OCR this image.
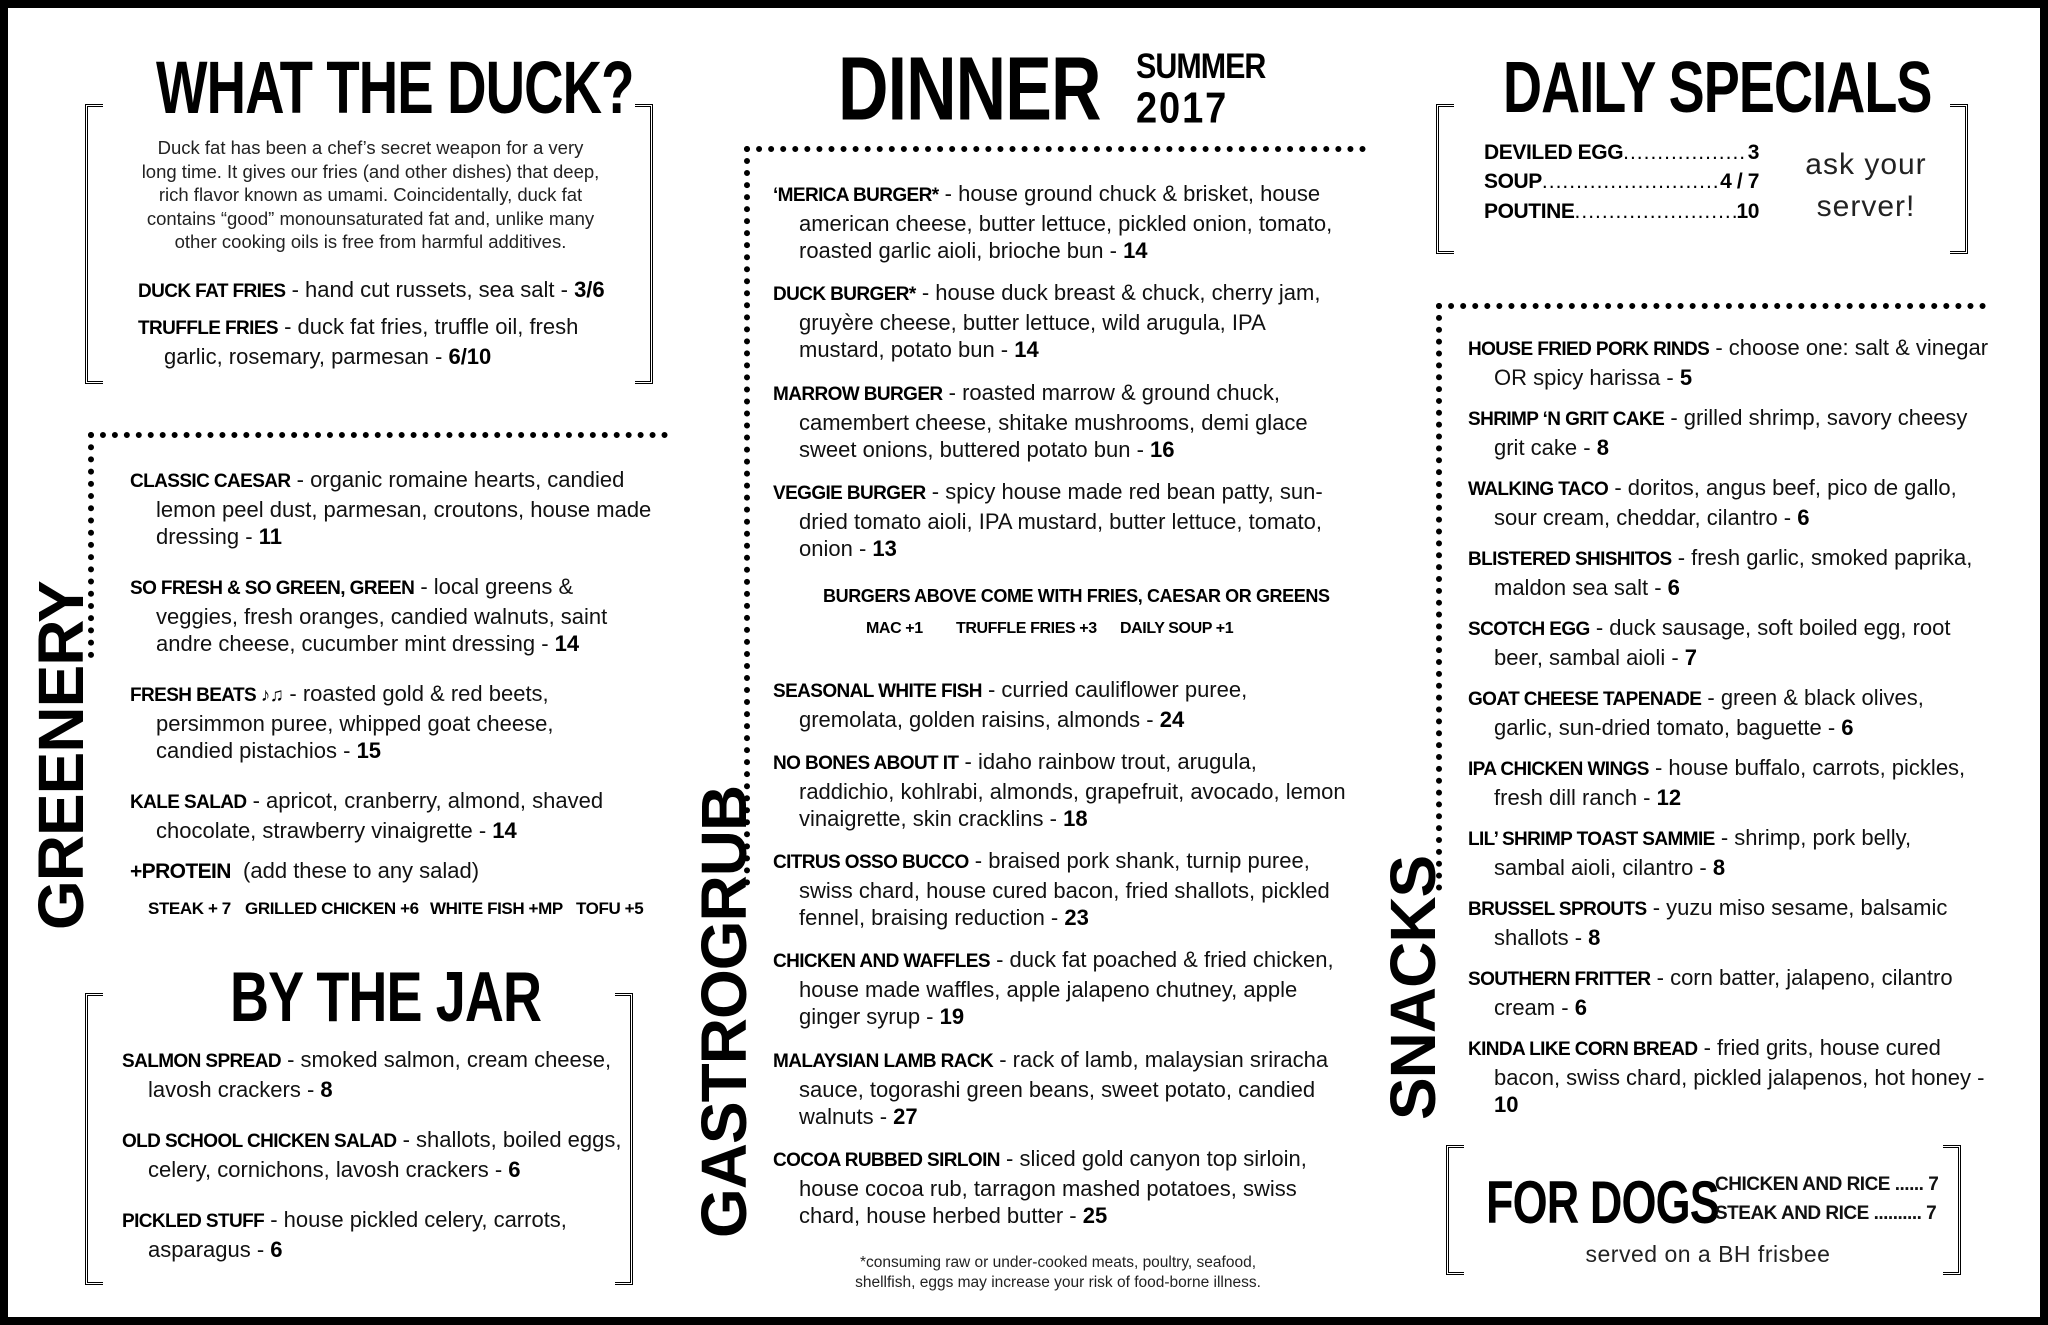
DINNER SUMMER
2017
WHAT THE DUCK?
Duck fat has been a chef’s secret weapon for a very
long time. It gives our fries (and other dishes) that deep,
rich flavor known as umami. Coincidentally, duck fat
contains “good” monounsaturated fat and, unlike many
other cooking oils is free from harmful additives.
DUCK FAT FRIES - hand cut russets, sea salt - 3/6
TRUFFLE FRIES - duck fat fries, truffle oil, fresh garlic, rosemary, parmesan - 6/10
GREENERY
CLASSIC CAESAR - organic romaine hearts, candied lemon peel dust, parmesan, croutons, house made dressing - 11
SO FRESH & SO GREEN, GREEN - local greens & veggies, fresh oranges, candied walnuts, saint andre cheese, cucumber mint dressing - 14
FRESH BEATS ♪♫ - roasted gold & red beets, persimmon puree, whipped goat cheese, candied pistachios - 15
KALE SALAD - apricot, cranberry, almond, shaved chocolate, strawberry vinaigrette - 14
+PROTEIN (add these to any salad)
STEAK + 7 GRILLED CHICKEN +6 WHITE FISH +MP TOFU +5
BY THE JAR
SALMON SPREAD - smoked salmon, cream cheese, lavosh crackers - 8
OLD SCHOOL CHICKEN SALAD - shallots, boiled eggs, celery, cornichons, lavosh crackers - 6
PICKLED STUFF - house pickled celery, carrots, asparagus - 6
GASTROGRUB
‘MERICA BURGER* - house ground chuck & brisket, house american cheese, butter lettuce, pickled onion, tomato, roasted garlic aioli, brioche bun - 14
DUCK BURGER* - house duck breast & chuck, cherry jam, gruyère cheese, butter lettuce, wild arugula, IPA mustard, potato bun - 14
MARROW BURGER - roasted marrow & ground chuck, camembert cheese, shitake mushrooms, demi glace sweet onions, buttered potato bun - 16
VEGGIE BURGER - spicy house made red bean patty, sun-dried tomato aioli, IPA mustard, butter lettuce, tomato, onion - 13
BURGERS ABOVE COME WITH FRIES, CAESAR OR GREENS
MAC +1 TRUFFLE FRIES +3 DAILY SOUP +1
SEASONAL WHITE FISH - curried cauliflower puree, gremolata, golden raisins, almonds - 24
NO BONES ABOUT IT - idaho rainbow trout, arugula, raddichio, kohlrabi, almonds, grapefruit, avocado, lemon vinaigrette, skin cracklins - 18
CITRUS OSSO BUCCO - braised pork shank, turnip puree, swiss chard, house cured bacon, fried shallots, pickled fennel, braising reduction - 23
CHICKEN AND WAFFLES - duck fat poached & fried chicken, house made waffles, apple jalapeno chutney, apple ginger syrup - 19
MALAYSIAN LAMB RACK - rack of lamb, malaysian sriracha sauce, togorashi green beans, sweet potato, candied walnuts - 27
COCOA RUBBED SIRLOIN - sliced gold canyon top sirloin, house cocoa rub, tarragon mashed potatoes, swiss chard, house herbed butter - 25
*consuming raw or under-cooked meats, poultry, seafood,
shellfish, eggs may increase your risk of food-borne illness.
DAILY SPECIALS
DEVILED EGG .....	3
SOUP .....	4 / 7
POUTINE .....	10
ask your
server!
SNACKS
HOUSE FRIED PORK RINDS - choose one: salt & vinegar OR spicy harissa - 5
SHRIMP ‘N GRIT CAKE - grilled shrimp, savory cheesy grit cake - 8
WALKING TACO - doritos, angus beef, pico de gallo, sour cream, cheddar, cilantro - 6
BLISTERED SHISHITOS - fresh garlic, smoked paprika, maldon sea salt - 6
SCOTCH EGG - duck sausage, soft boiled egg, root beer, sambal aioli - 7
GOAT CHEESE TAPENADE - green & black olives, garlic, sun-dried tomato, baguette - 6
IPA CHICKEN WINGS - house buffalo, carrots, pickles, fresh dill ranch - 12
LIL’ SHRIMP TOAST SAMMIE - shrimp, pork belly, sambal aioli, cilantro - 8
BRUSSEL SPROUTS - yuzu miso sesame, balsamic shallots - 8
SOUTHERN FRITTER - corn batter, jalapeno, cilantro cream - 6
KINDA LIKE CORN BREAD - fried grits, house cured bacon, swiss chard, pickled jalapenos, hot honey - 10
FOR DOGS
CHICKEN AND RICE ...... 7
STEAK AND RICE .......... 7
served on a BH frisbee
